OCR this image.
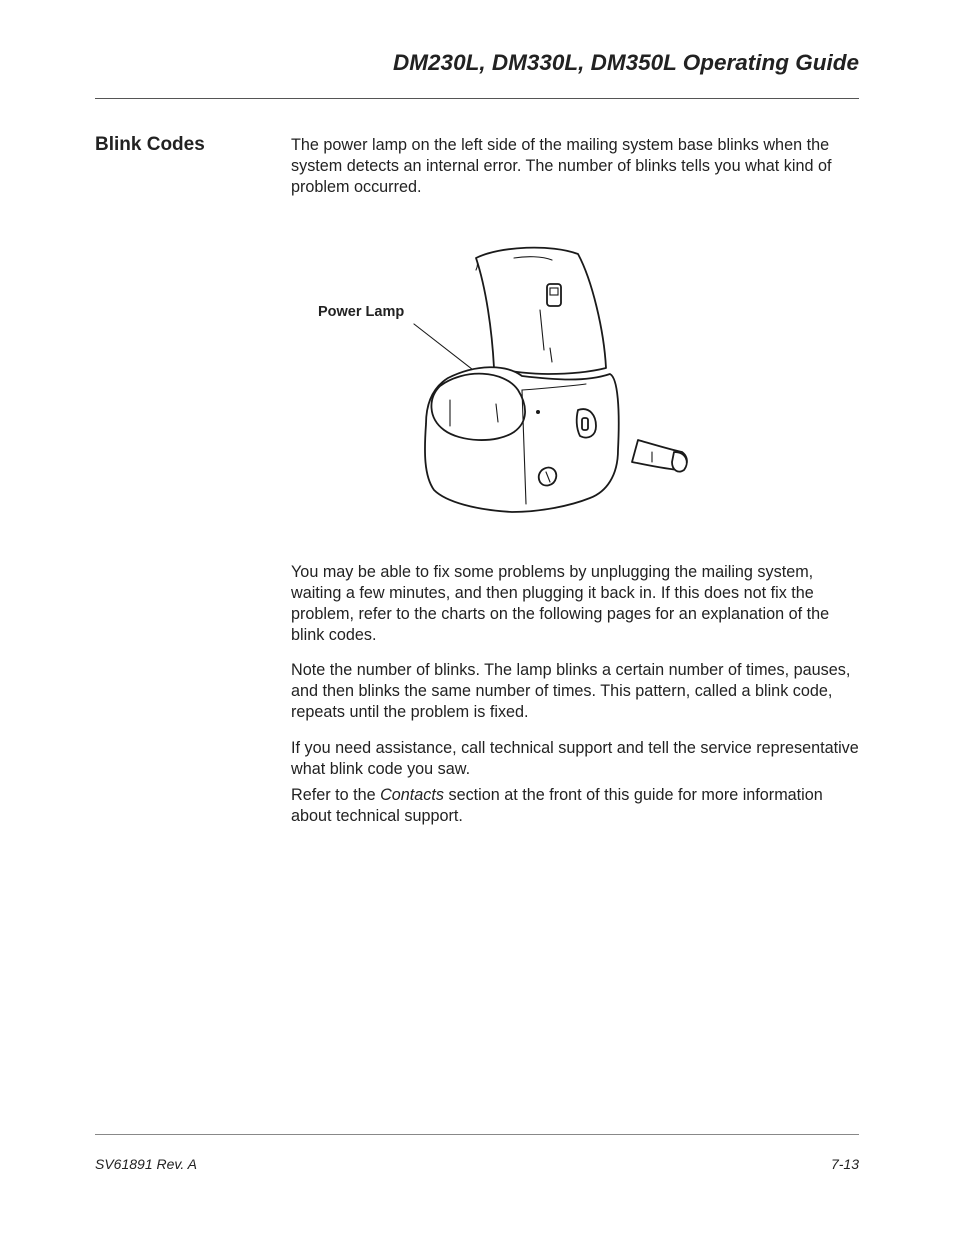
DM230L, DM330L, DM350L Operating Guide
Blink Codes	The power lamp on the left side of the mailing system base blinks when the system detects an internal error. The number of blinks tells you what kind of problem occurred.

Power Lamp

You may be able to fix some problems by unplugging the mailing system, waiting a few minutes, and then plugging it back in. If this does not fix the problem, refer to the charts on the following pages for an explanation of the blink codes.

Note the number of blinks. The lamp blinks a certain number of times, pauses, and then blinks the same number of times. This pattern, called a blink code, repeats until the problem is fixed.

If you need assistance, call technical support and tell the service representative what blink code you saw.

Refer to the Contacts section at the front of this guide for more information about technical support.

SV61891 Rev. A	7-13
